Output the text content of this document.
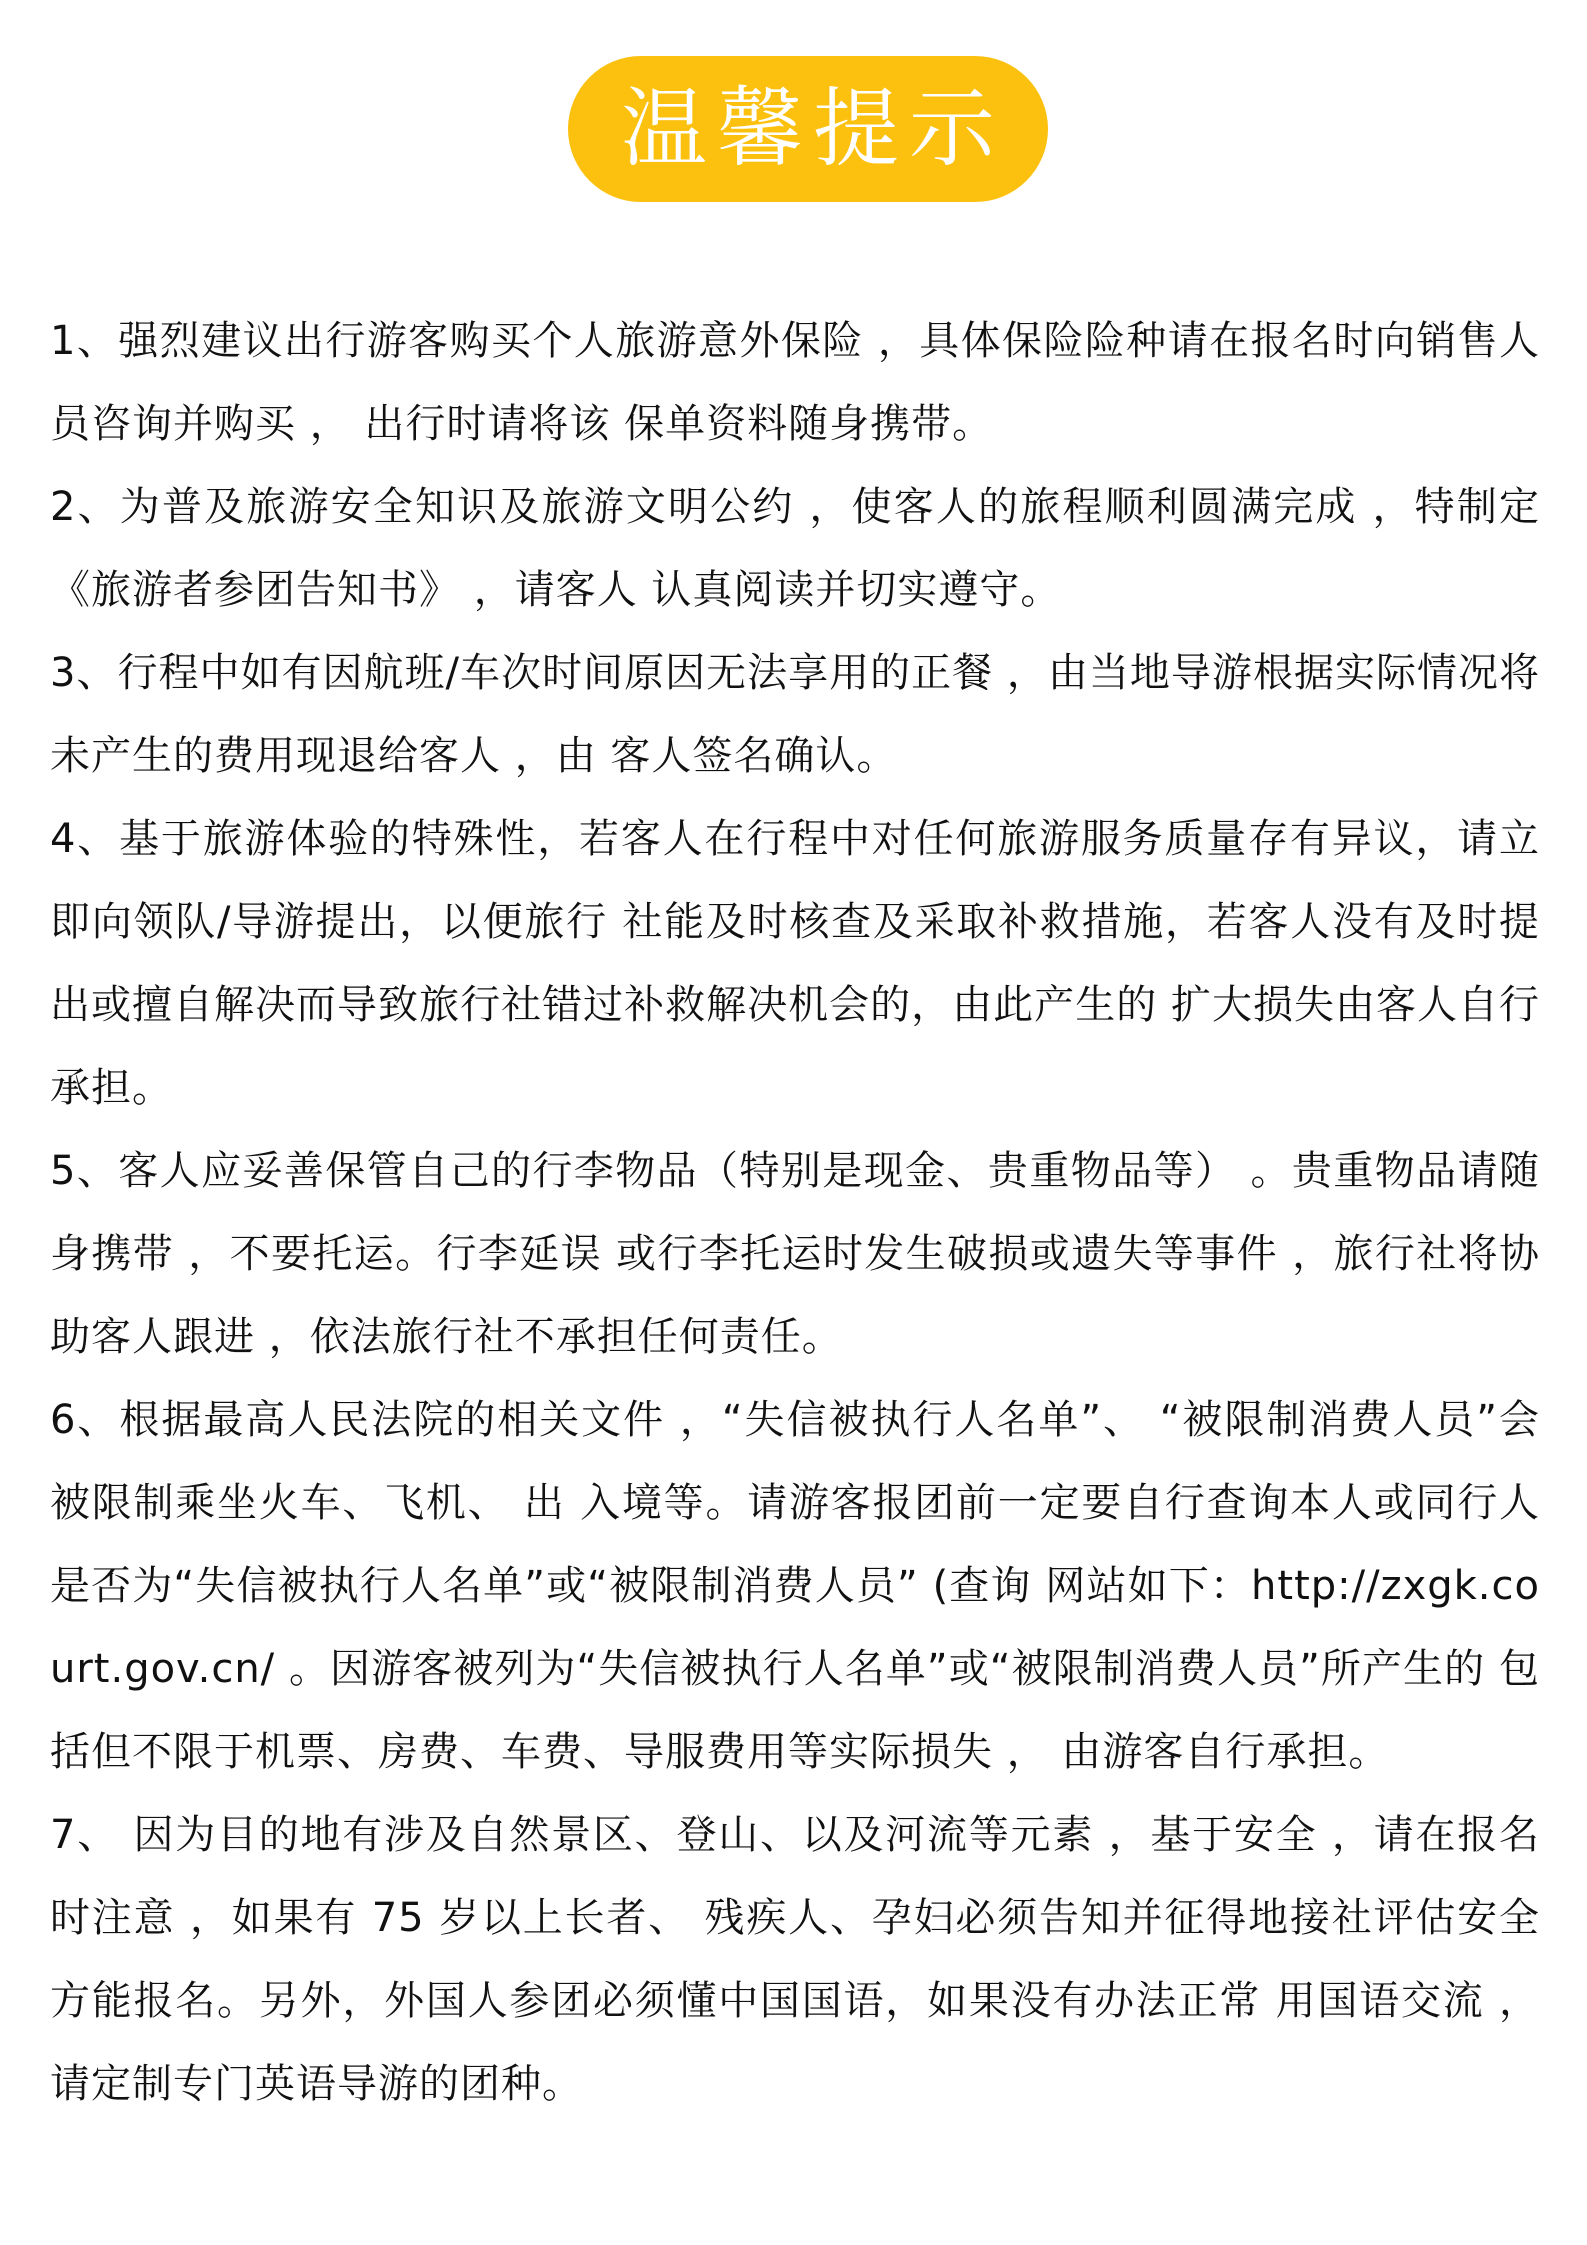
温馨提示

1、强烈建议出行游客购买个人旅游意外保险 ，具体保险险种请在报名时向销售人员咨询并购买 ， 出行时请将该 保单资料随身携带。

2、为普及旅游安全知识及旅游文明公约 ，使客人的旅程顺利圆满完成 ，特制定《旅游者参团告知书》 ，请客人 认真阅读并切实遵守。

3、行程中如有因航班/车次时间原因无法享用的正餐 ，由当地导游根据实际情况将未产生的费用现退给客人 ，由 客人签名确认。

4、基于旅游体验的特殊性，若客人在行程中对任何旅游服务质量存有异议，请立即向领队/导游提出，以便旅行 社能及时核查及采取补救措施，若客人没有及时提出或擅自解决而导致旅行社错过补救解决机会的，由此产生的 扩大损失由客人自行承担。

5、客人应妥善保管自己的行李物品（特别是现金、贵重物品等） 。贵重物品请随身携带 ，不要托运。行李延误 或行李托运时发生破损或遗失等事件 ，旅行社将协助客人跟进 ，依法旅行社不承担任何责任。

6、根据最高人民法院的相关文件 ，“失信被执行人名单”、 “被限制消费人员”会被限制乘坐火车、飞机、 出 入境等。请游客报团前一定要自行查询本人或同行人是否为“失信被执行人名单”或“被限制消费人员” (查询 网站如下：http://zxgk.court.gov.cn/ 。因游客被列为“失信被执行人名单”或“被限制消费人员”所产生的 包括但不限于机票、房费、车费、导服费用等实际损失 ， 由游客自行承担。

7、 因为目的地有涉及自然景区、登山、以及河流等元素 ，基于安全 ，请在报名时注意 ，如果有 75 岁以上长者、 残疾人、孕妇必须告知并征得地接社评估安全方能报名。另外，外国人参团必须懂中国国语，如果没有办法正常 用国语交流 ，请定制专门英语导游的团种。
